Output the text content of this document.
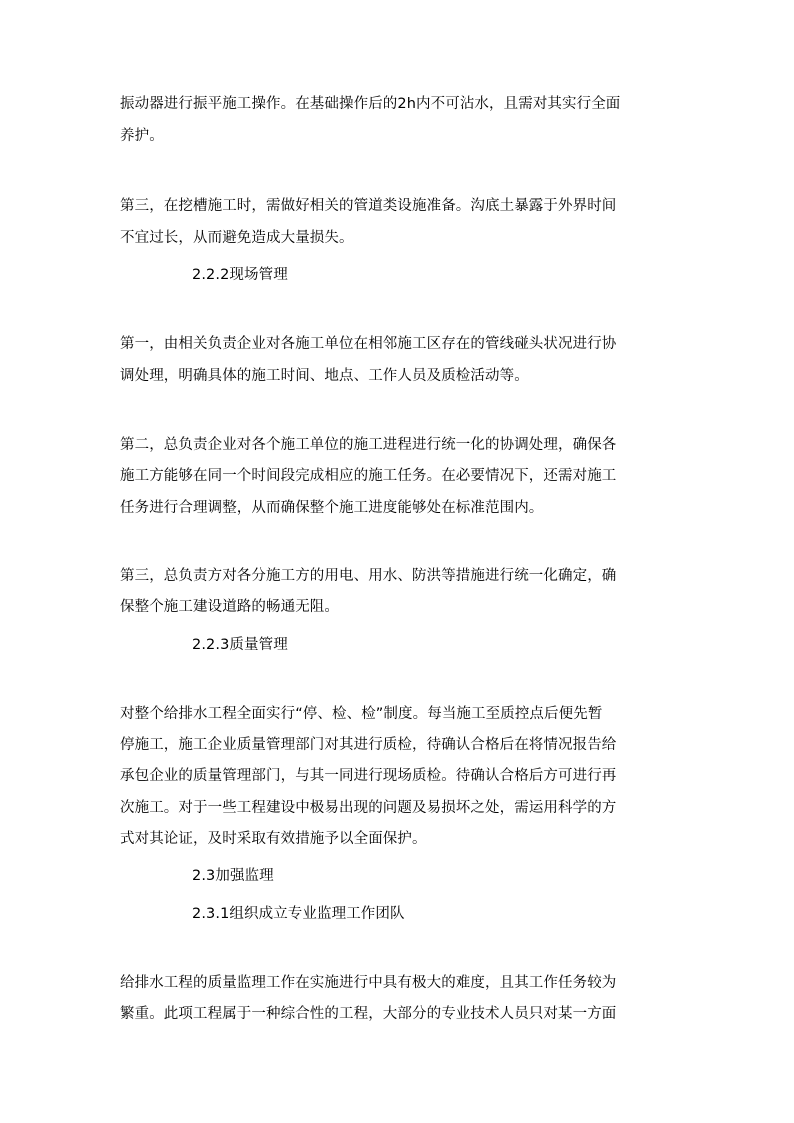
振动器进行振平施工操作。在基础操作后的2h内不可沾水，且需对其实行全面
养护。
第三，在挖槽施工时，需做好相关的管道类设施准备。沟底土暴露于外界时间
不宜过长，从而避免造成大量损失。
2.2.2现场管理
第一，由相关负责企业对各施工单位在相邻施工区存在的管线碰头状况进行协
调处理，明确具体的施工时间、地点、工作人员及质检活动等。
第二，总负责企业对各个施工单位的施工进程进行统一化的协调处理，确保各
施工方能够在同一个时间段完成相应的施工任务。在必要情况下，还需对施工
任务进行合理调整，从而确保整个施工进度能够处在标准范围内。
第三，总负责方对各分施工方的用电、用水、防洪等措施进行统一化确定，确
保整个施工建设道路的畅通无阻。
2.2.3质量管理
对整个给排水工程全面实行“停、检、检”制度。每当施工至质控点后便先暂
停施工，施工企业质量管理部门对其进行质检，待确认合格后在将情况报告给
承包企业的质量管理部门，与其一同进行现场质检。待确认合格后方可进行再
次施工。对于一些工程建设中极易出现的问题及易损坏之处，需运用科学的方
式对其论证，及时采取有效措施予以全面保护。
2.3加强监理
2.3.1组织成立专业监理工作团队
给排水工程的质量监理工作在实施进行中具有极大的难度，且其工作任务较为
繁重。此项工程属于一种综合性的工程，大部分的专业技术人员只对某一方面
